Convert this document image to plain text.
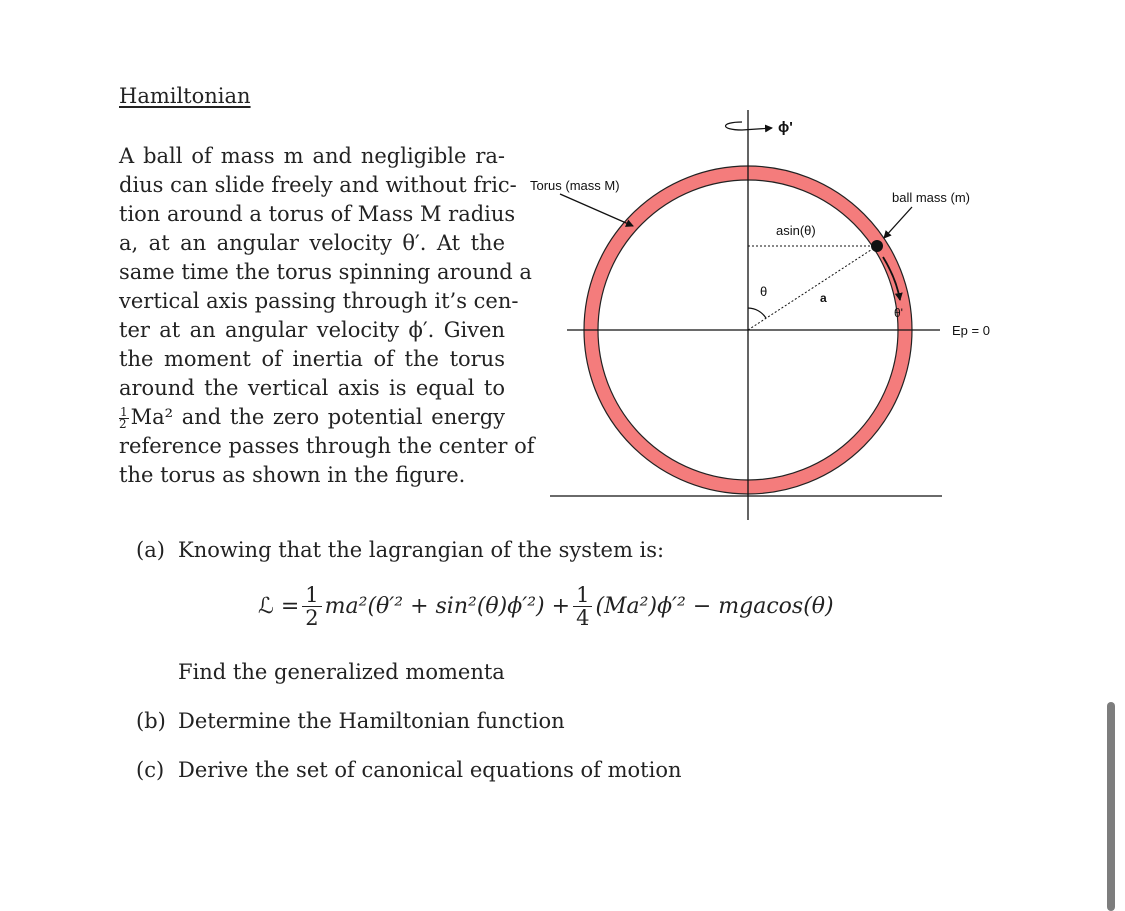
Hamiltonian
A ball of mass m and negligible ra-
dius can slide freely and without fric-
tion around a torus of Mass M radius
a, at an angular velocity θ′. At the
same time the torus spinning around a
vertical axis passing through it’s cen-
ter at an angular velocity ϕ′. Given
the moment of inertia of the torus
around the vertical axis is equal to
$\frac{1}{2} Ma^2$ and the zero potential energy
reference passes through the center of
the torus as shown in the figure.
ϕ'
Torus (mass M)
ball mass (m)
asin(θ)
θ	a
θ'
Ep = 0
(a) Knowing that the lagrangian of the system is:
ℒ = $\frac{1}{2} ma^2(\theta'^2 + \sin^2(\theta)\phi'^2) + \frac{1}{4} (Ma^2)\phi'^2 - mgacos(\theta)$
Find the generalized momenta
(b) Determine the Hamiltonian function
(c) Derive the set of canonical equations of motion
